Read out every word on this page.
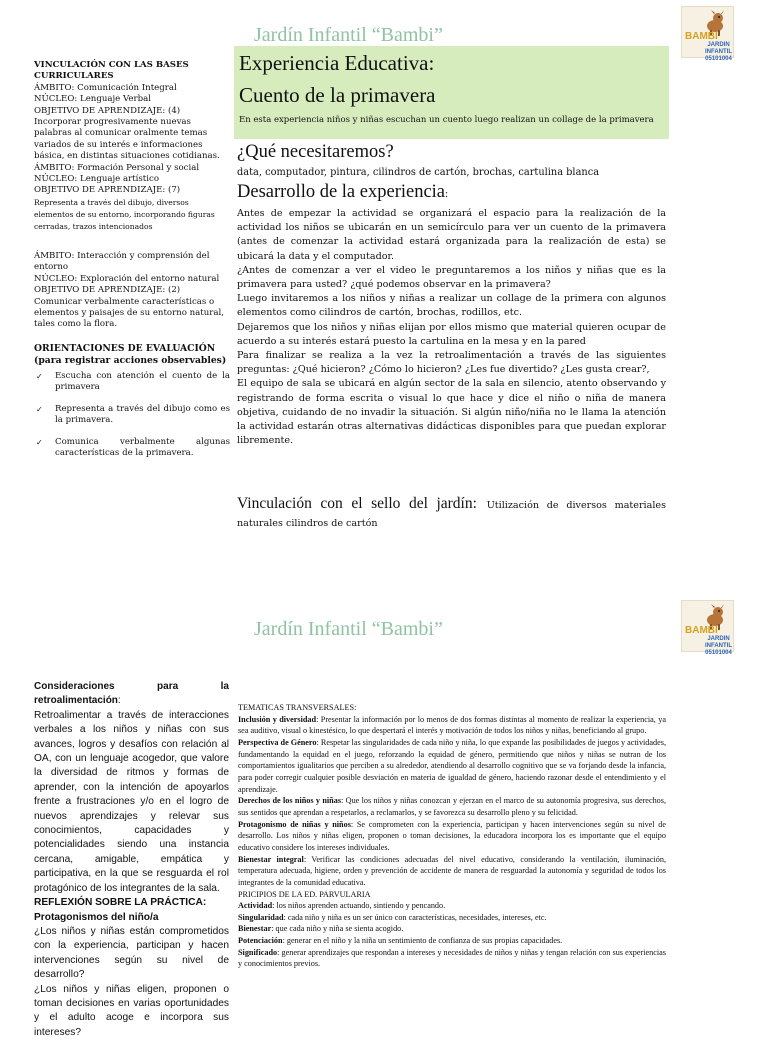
Jardín Infantil “Bambi”	BAMBI
JARDIN INFANTIL
05101004

VINCULACIÓN CON LAS BASES CURRICULARES

ÁMBITO: Comunicación Integral

NÚCLEO: Lenguaje Verbal

OBJETIVO DE APRENDIZAJE: (4)

Incorporar progresivamente nuevas palabras al comunicar oralmente temas variados de su interés e informaciones básica, en distintas situaciones cotidianas.

ÁMBITO: Formación Personal y social

NÚCLEO: Lenguaje artístico

OBJETIVO DE APRENDIZAJE: (7)

Representa a través del dibujo, diversos elementos de su entorno, incorporando figuras cerradas, trazos intencionados

ÁMBITO: Interacción y comprensión del entorno

NÚCLEO: Exploración del entorno natural

OBJETIVO DE APRENDIZAJE: (2)

Comunicar verbalmente características o elementos y paisajes de su entorno natural, tales como la flora.

ORIENTACIONES DE EVALUACIÓN (para registrar acciones observables)

✓ Escucha con atención el cuento de la primavera
✓ Representa a través del dibujo como es la primavera.
✓ Comunica verbalmente algunas características de la primavera.

Experiencia Educativa:

Cuento de la primavera

En esta experiencia niños y niñas escuchan un cuento luego realizan un collage de la primavera
¿Qué necesitaremos?
data, computador, pintura, cilindros de cartón, brochas, cartulina blanca
Desarrollo de la experiencia:
Antes de empezar la actividad se organizará el espacio para la realización de la actividad los niños se ubicarán en un semicírculo para ver un cuento de la primavera (antes de comenzar la actividad estará organizada para la realización de esta) se ubicará la data y el computador.
¿Antes de comenzar a ver el video le preguntaremos a los niños y niñas que es la primavera para usted? ¿qué podemos observar en la primavera?
Luego invitaremos a los niños y niñas a realizar un collage de la primera con algunos elementos como cilindros de cartón, brochas, rodillos, etc.
Dejaremos que los niños y niñas elijan por ellos mismo que material quieren ocupar de acuerdo a su interés estará puesto la cartulina en la mesa y en la pared
Para finalizar se realiza a la vez la retroalimentación a través de las siguientes preguntas: ¿Qué hicieron? ¿Cómo lo hicieron? ¿Les fue divertido? ¿Les gusta crear?,
El equipo de sala se ubicará en algún sector de la sala en silencio, atento observando y registrando de forma escrita o visual lo que hace y dice el niño o niña de manera objetiva, cuidando de no invadir la situación. Si algún niño/niña no le llama la atención la actividad estarán otras alternativas didácticas disponibles para que puedan explorar libremente.
Vinculación con el sello del jardín: Utilización de diversos materiales naturales cilindros de cartón
Jardín Infantil “Bambi”	BAMBI
JARDIN INFANTIL
05101004
Consideraciones para la retroalimentación:
Retroalimentar a través de interacciones verbales a los niños y niñas con sus avances, logros y desafíos con relación al OA, con un lenguaje acogedor, que valore la diversidad de ritmos y formas de aprender, con la intención de apoyarlos frente a frustraciones y/o en el logro de nuevos aprendizajes y relevar sus conocimientos, capacidades y potencialidades siendo una instancia cercana, amigable, empática y participativa, en la que se resguarda el rol protagónico de los integrantes de la sala.
REFLEXIÓN SOBRE LA PRÁCTICA:
Protagonismos del niño/a
¿Los niños y niñas están comprometidos con la experiencia, participan y hacen intervenciones según su nivel de desarrollo?
¿Los niños y niñas eligen, proponen o toman decisiones en varias oportunidades y el adulto acoge e incorpora sus intereses?
TEMATICAS TRANSVERSALES:
Inclusión y diversidad: Presentar la información por lo menos de dos formas distintas al momento de realizar la experiencia, ya sea auditivo, visual o kinestésico, lo que despertará el interés y motivación de todos los niños y niñas, beneficiando al grupo.
Perspectiva de Género: Respetar las singularidades de cada niño y niña, lo que expande las posibilidades de juegos y actividades, fundamentando la equidad en el juego, reforzando la equidad de género, permitiendo que niños y niñas se nutran de los comportamientos igualitarios que perciben a su alrededor, atendiendo al desarrollo cognitivo que se va forjando desde la infancia, para poder corregir cualquier posible desviación en materia de igualdad de género, haciendo razonar desde el entendimiento y el aprendizaje.
Derechos de los niños y niñas: Que los niños y niñas conozcan y ejerzan en el marco de su autonomía progresiva, sus derechos, sus sentidos que aprendan a respetarlos, a reclamarlos, y se favorezca su desarrollo pleno y su felicidad.
Protagonismo de niñas y niños: Se comprometen con la experiencia, participan y hacen intervenciones según su nivel de desarrollo. Los niños y niñas eligen, proponen o toman decisiones, la educadora incorpora los es importante que el equipo educativo considere los intereses individuales.
Bienestar integral: Verificar las condiciones adecuadas del nivel educativo, considerando la ventilación, iluminación, temperatura adecuada, higiene, orden y prevención de accidente de manera de resguardad la autonomía y seguridad de todos los integrantes de la comunidad educativa.
PRICIPIOS DE LA ED. PARVULARIA
Actividad: los niños aprenden actuando, sintiendo y pencando.
Singularidad: cada niño y niña es un ser único con características, necesidades, intereses, etc.
Bienestar: que cada niño y niña se sienta acogido.
Potenciación: generar en el niño y la niña un sentimiento de confianza de sus propias capacidades.
Significado: generar aprendizajes que respondan a intereses y necesidades de niños y niñas y tengan relación con sus experiencias y conocimientos previos.
